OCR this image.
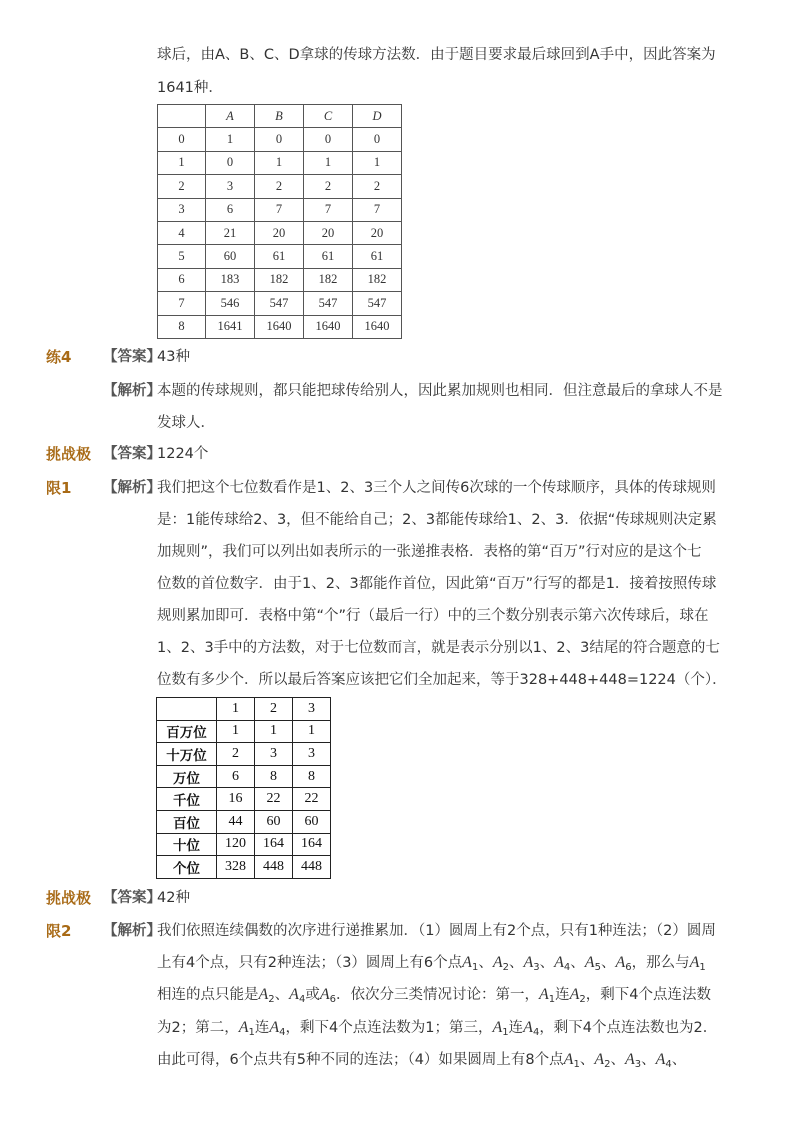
球后，由A、B、C、D拿球的传球方法数．由于题目要求最后球回到A手中，因此答案为
1641种．
	A	B	C	D
0	1	0	0	0
1	0	1	1	1
2	3	2	2	2
3	6	7	7	7
4	21	20	20	20
5	60	61	61	61
6	183	182	182	182
7	546	547	547	547
8	1641	1640	1640	1640
练4 【答案】
43种
【解析】
本题的传球规则，都只能把球传给别人，因此累加规则也相同．但注意最后的拿球人不是
发球人．
挑战极 【答案】
1224个
限1 【解析】
我们把这个七位数看作是1、2、3三个人之间传6次球的一个传球顺序，具体的传球规则
是：1能传球给2、3，但不能给自己；2、3都能传球给1、2、3．依据“传球规则决定累
加规则”，我们可以列出如表所示的一张递推表格．表格的第“百万”行对应的是这个七
位数的首位数字．由于1、2、3都能作首位，因此第“百万”行写的都是1．接着按照传球
规则累加即可．表格中第“个”行（最后一行）中的三个数分别表示第六次传球后，球在
1、2、3手中的方法数，对于七位数而言，就是表示分别以1、2、3结尾的符合题意的七
位数有多少个．所以最后答案应该把它们全加起来，等于328+448+448=1224（个）．
	1	2	3
百万位	1	1	1
十万位	2	3	3
万位	6	8	8
千位	16	22	22
百位	44	60	60
十位	120	164	164
个位	328	448	448
挑战极 【答案】
42种
限2 【解析】
我们依照连续偶数的次序进行递推累加．（1）圆周上有2个点，只有1种连法；（2）圆周
上有4个点，只有2种连法；（3）圆周上有6个点$A_1$、$A_2$、$A_3$、$A_4$、$A_5$、$A_6$，那么与$A_1$
相连的点只能是$A_2$、$A_4$或$A_6$．依次分三类情况讨论：第一，$A_1$连$A_2$，剩下4个点连法数
为2；第二，$A_1$连$A_4$，剩下4个点连法数为1；第三，$A_1$连$A_4$，剩下4个点连法数也为2．
由此可得，6个点共有5种不同的连法；（4）如果圆周上有8个点$A_1$、$A_2$、$A_3$、$A_4$、
